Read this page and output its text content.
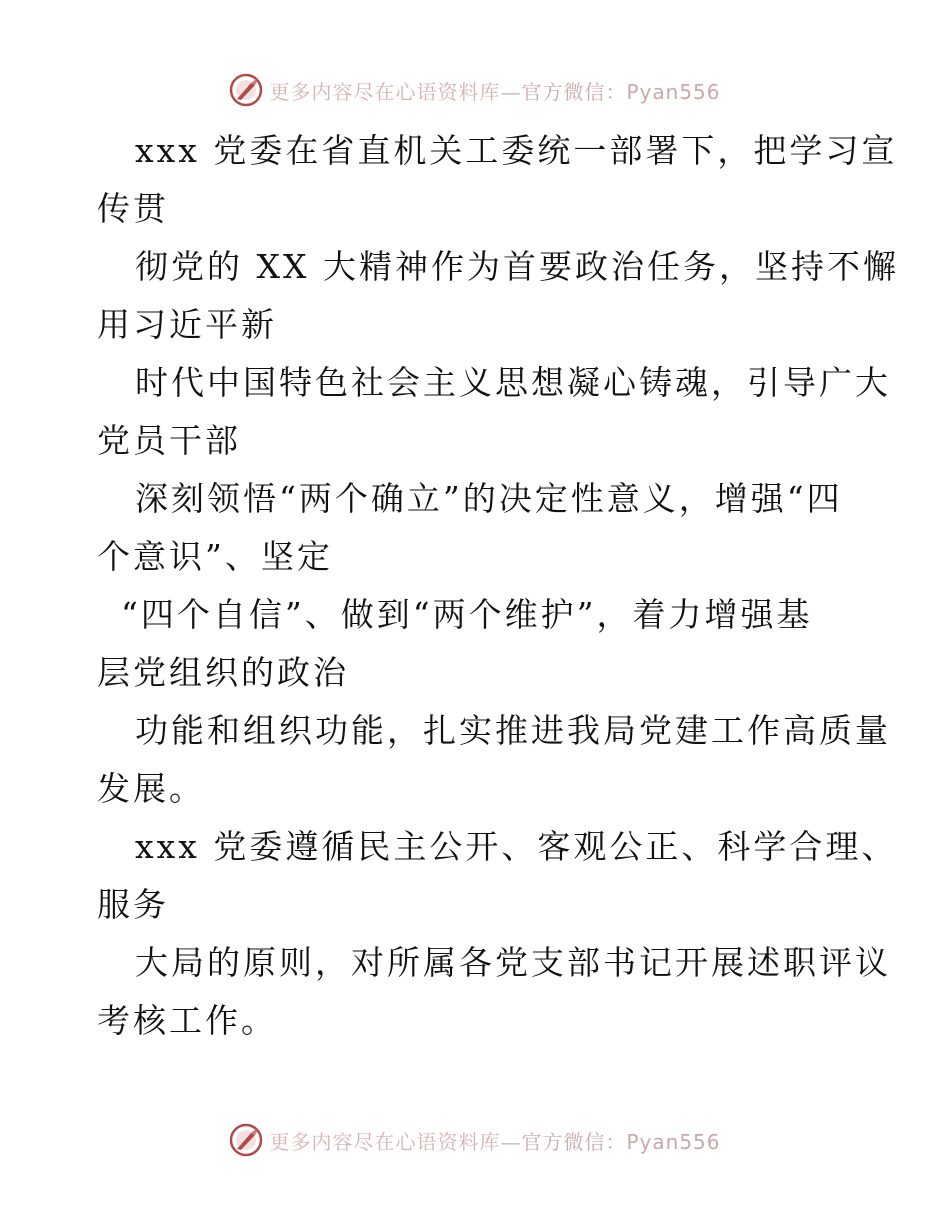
更多内容尽在心语资料库—官方微信：Pyan556
xxx 党委在省直机关工委统一部署下，把学习宣
传贯
彻党的 XX 大精神作为首要政治任务，坚持不懈
用习近平新
时代中国特色社会主义思想凝心铸魂，引导广大
党员干部
深刻领悟“两个确立”的决定性意义，增强“四
个意识”、坚定
“四个自信”、做到“两个维护”，着力增强基
层党组织的政治
功能和组织功能，扎实推进我局党建工作高质量
发展。
xxx 党委遵循民主公开、客观公正、科学合理、
服务
大局的原则，对所属各党支部书记开展述职评议
考核工作。
更多内容尽在心语资料库—官方微信：Pyan556
